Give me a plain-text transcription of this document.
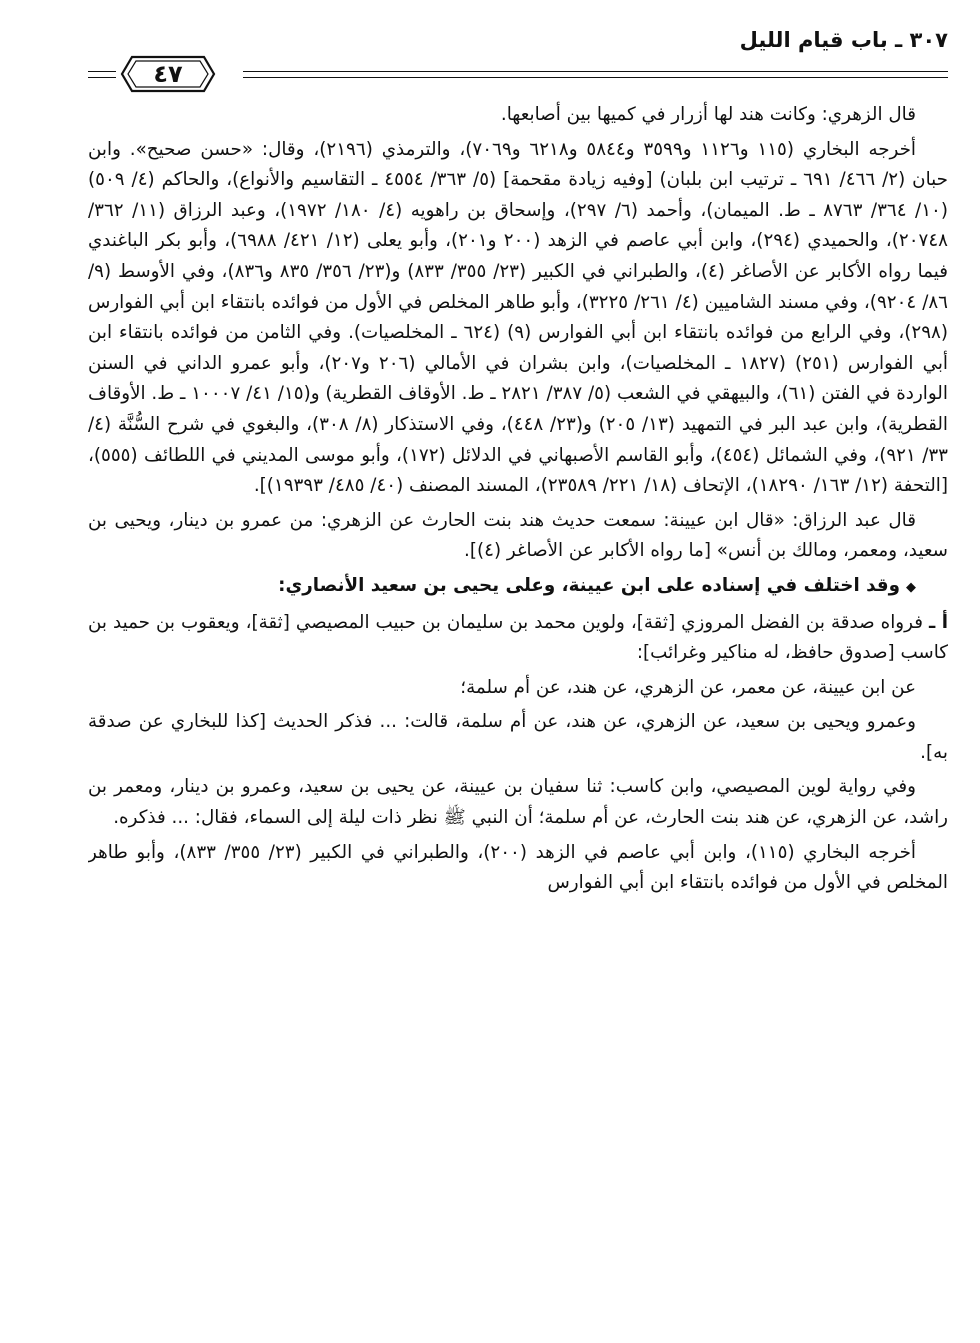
٣٠٧ ـ باب قيام الليل
٤٧

قال الزهري: وكانت هند لها أزرار في كميها بين أصابعها.

أخرجه البخاري (١١٥ و١١٢٦ و٣٥٩٩ و٥٨٤٤ و٦٢١٨ و٧٠٦٩)، والترمذي (٢١٩٦)، وقال: «حسن صحيح». وابن حبان (٢/ ٤٦٦/ ٦٩١ ـ ترتيب ابن بلبان) [وفيه زيادة مقحمة] (٥/ ٣٦٣/ ٤٥٥٤ ـ التقاسيم والأنواع)، والحاكم (٤/ ٥٠٩) (١٠/ ٣٦٤/ ٨٧٦٣ ـ ط. الميمان)، وأحمد (٦/ ٢٩٧)، وإسحاق بن راهويه (٤/ ١٨٠/ ١٩٧٢)، وعبد الرزاق (١١/ ٣٦٢/ ٢٠٧٤٨)، والحميدي (٢٩٤)، وابن أبي عاصم في الزهد (٢٠٠ و٢٠١)، وأبو يعلى (١٢/ ٤٢١/ ٦٩٨٨)، وأبو بكر الباغندي فيما رواه الأكابر عن الأصاغر (٤)، والطبراني في الكبير (٢٣/ ٣٥٥/ ٨٣٣) و(٢٣/ ٣٥٦/ ٨٣٥ و٨٣٦)، وفي الأوسط (٩/ ٨٦/ ٩٢٠٤)، وفي مسند الشاميين (٤/ ٢٦١/ ٣٢٢٥)، وأبو طاهر المخلص في الأول من فوائده بانتقاء ابن أبي الفوارس (٢٩٨)، وفي الرابع من فوائده بانتقاء ابن أبي الفوارس (٩) (٦٢٤ ـ المخلصيات). وفي الثامن من فوائده بانتقاء ابن أبي الفوارس (٢٥١) (١٨٢٧ ـ المخلصيات)، وابن بشران في الأمالي (٢٠٦ و٢٠٧)، وأبو عمرو الداني في السنن الواردة في الفتن (٦١)، والبيهقي في الشعب (٥/ ٣٨٧/ ٢٨٢١ ـ ط. الأوقاف القطرية) و(١٥/ ٤١/ ١٠٠٠٧ ـ ط. الأوقاف القطرية)، وابن عبد البر في التمهيد (١٣/ ٢٠٥) و(٢٣/ ٤٤٨)، وفي الاستذكار (٨/ ٣٠٨)، والبغوي في شرح السُّنَّة (٤/ ٣٣/ ٩٢١)، وفي الشمائل (٤٥٤)، وأبو القاسم الأصبهاني في الدلائل (١٧٢)، وأبو موسى المديني في اللطائف (٥٥٥)، [التحفة (١٢/ ١٦٣/ ١٨٢٩٠)، الإتحاف (١٨/ ٢٢١/ ٢٣٥٨٩)، المسند المصنف (٤٠/ ٤٨٥/ ١٩٣٩٣)].

قال عبد الرزاق: «قال ابن عيينة: سمعت حديث هند بنت الحارث عن الزهري: من عمرو بن دينار، ويحيى بن سعيد، ومعمر، ومالك بن أنس» [ما رواه الأكابر عن الأصاغر (٤)].

◆وقد اختلف في إسناده على ابن عيينة، وعلى يحيى بن سعيد الأنصاري:

أ ـ فرواه صدقة بن الفضل المروزي [ثقة]، ولوين محمد بن سليمان بن حبيب المصيصي [ثقة]، ويعقوب بن حميد بن كاسب [صدوق حافظ، له مناكير وغرائب]:

عن ابن عيينة، عن معمر، عن الزهري، عن هند، عن أم سلمة؛

وعمرو ويحيى بن سعيد، عن الزهري، عن هند، عن أم سلمة، قالت: ... فذكر الحديث [كذا للبخاري عن صدقة به].

وفي رواية لوين المصيصي، وابن كاسب: ثنا سفيان بن عيينة، عن يحيى بن سعيد، وعمرو بن دينار، ومعمر بن راشد، عن الزهري، عن هند بنت الحارث، عن أم سلمة؛ أن النبي ﷺ نظر ذات ليلة إلى السماء، فقال: ... فذكره.

أخرجه البخاري (١١٥)، وابن أبي عاصم في الزهد (٢٠٠)، والطبراني في الكبير (٢٣/ ٣٥٥/ ٨٣٣)، وأبو طاهر المخلص في الأول من فوائده بانتقاء ابن أبي الفوارس
